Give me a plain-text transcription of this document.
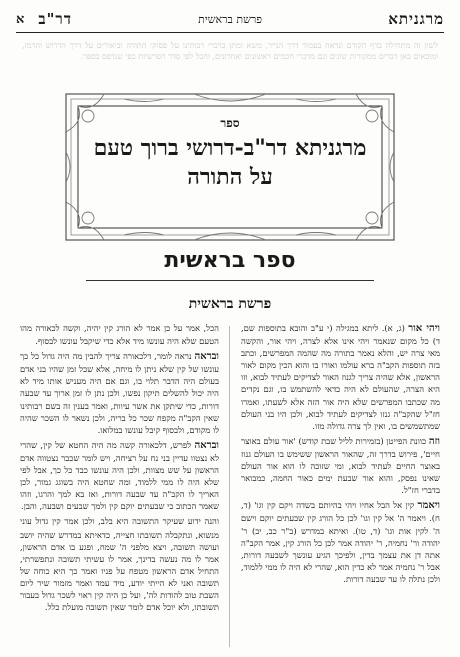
מרגניתא
פרשת בראשית
דר"ב
א
לשון זה מתחילה בדף הקודם ונראה בעמוד דרך הנייר, משא ומתן בדברי רבותינו על פסוקי התורה וביאורים על דרך הדרוש והרמז, ומובאים כאן דברים ממקורות שונים וגם מדברי חכמים ראשונים ואחרונים, והכל לפי סדר הפרשיות כפי שנדפס בספר.
ספר
מרגניתא דר"ב-דרושי ברוך טעם
על התורה
ספר בראשית
פרשת בראשית

ויהי אור (ג, א). ליתא במגילה (י ע"ב והובא בתוספות שם, ד) כל מקום שנאמר ויהי אינו אלא לצרה, ויהי אור, והקשה מאי צרה יש, והלא נאמר בתורה מה שהמה המפרשים, וכתב בזה תוספות הקב"ה ברא עולמו ואורו בו והוא הכין מקום לאור הראשון, אלא שהיה צריך לגנוז האור לצדיקים לעתיד לבוא, וזו היא הצרה, שהעולם לא היה כדאי להשתמש בו, וגם נקדים מה שכתבו המפרשים שלא היה אור הזה אלא לשעתו, ואמרו חז"ל שהקב"ה גנזו לצדיקים לעתיד לבוא, ולכן היו בני העולם שמתשמשים בו, ואין לך צרה גדולה מזו.

וזה כוונת הפייטן (בזמירות לליל שבת קודש) 'אור עולם באוצר חיים', פירוש בדרך זה, שהאור הראשון ששימש בו העולם גנוז באוצר החיים לעתיד לבוא, ומי שזוכה לו הוא אור העולם שאינו נפסק, והוא אור שבעת ימים כאור החמה, כמבואר בדברי חז"ל.

ויאמר קין אל הבל אחיו ויהי בהיותם בשדה ויקם קין וגו' (ד, ח). ויאמר ה' אל קין וגו' לכן כל הורג קין שבעתים יוקם וישם ה' לקין אות וגו' (ד, טו). ואיתא במדרש (ב"ר כב, יב) ר' יהודה ור' נחמיה, ר' יהודה אמר לכן כל הורג קין, אמר הקב"ה אתה דן את עצמך בדין, ולפיכך הגיע עונשך לשבעה דורות, אבל ר' נחמיה אמר לא כדין הוא, שהרי לא היה לו ממי ללמוד, ולכן נתלה לו עד שבעה דורות.

הכל, אמר על כן אמר לא הורג קין יהיה, וקשה לכאורה מהו הטעם שלא היה עונשו מיד אלא כדי שיקבל עונשו לבסוף.

ובראה נראה לומר, דלכאורה צריך להבין מה היה גדול כל כך עונשו של קין שלא ניתן לו מיחה, אלא שכל זמן שהיו בני אדם בעולם היה הדבר תלוי בו, וגם אם היה מעניש אותו מיד לא היה יכול להשלים תיקון נפשו, ולכן נתן לו זמן ארוך עד שבעה דורות, כדי שיתקן את אשר עיוות, ואמר בענין זה בשם רבותינו שאין הקב"ה מקפח שכר כל בריה, ולכן נשאר לו השכר שהיה לו מקודם, ולבסוף קיבל עונשו במלואו.

ובראה לפרש, דלכאורה קשה מה היה החטא של קין, שהרי לא נצטוו עדיין בני נח על רציחה, ויש לומר שכבר נצטווה אדם הראשון על שש מצוות, ולכן היה עונשו כבד כל כך, אבל לפי שלא היה לו ממי ללמוד, ומה שחטא היה בשוגג גמור, לכן האריך לו הקב"ה עד שבעה דורות, ואז בא למך והרגו, וזהו שאמר הכתוב כי שבעתים יוקם קין ולמך שבעים ושבעה, והבן.

והנה ידוע שעיקר התשובה היא בלב, ולכן אמר קין גדול עוני מנשוא, ונתקבלה תשובתו חצייה, כדאיתא במדרש שהיה יושב ועושה תשובה, ויצא מלפני ה' שמח, ופגע בו אדם הראשון, אמר לו מה נעשה בדינך, אמר לו עשיתי תשובה ונתפשרתי, התחיל אדם הראשון מטפח על פניו ואמר כך היא כוחה של תשובה ואני לא הייתי יודע, מיד עמד ואמר מזמור שיר ליום השבת טוב להודות לה', ועל כן היה קין ראוי לשכר גדול בעבור תשובתו, ולא יוכל אדם לומר שאין תשובה מועלת כלל.
